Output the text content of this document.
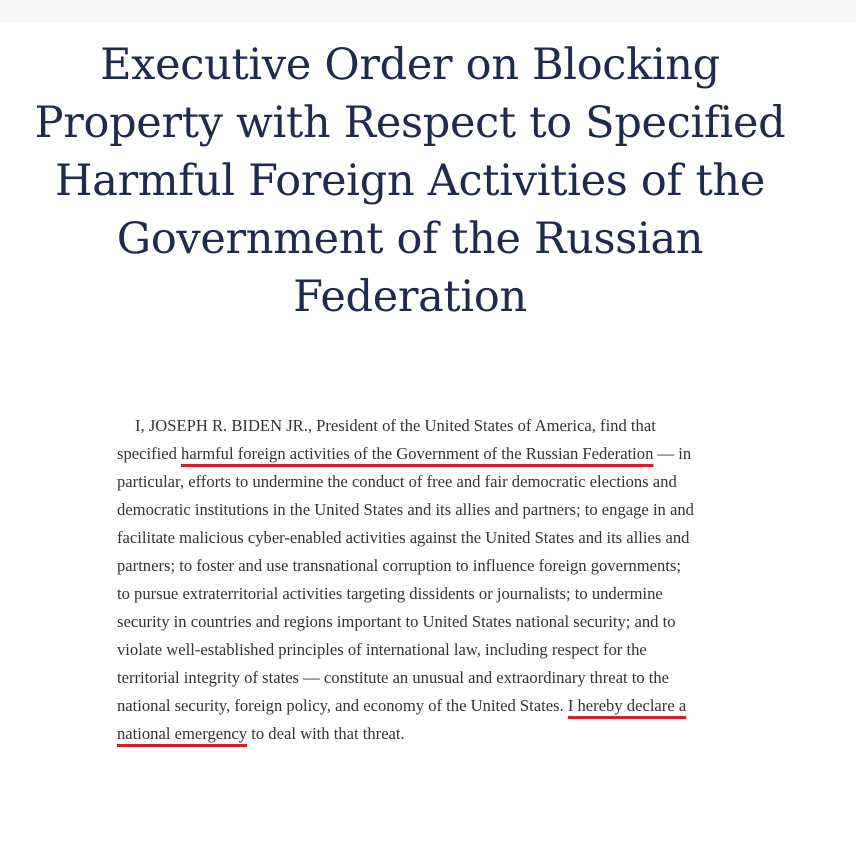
Executive Order on Blocking Property with Respect to Specified Harmful Foreign Activities of the Government of the Russian Federation

I, JOSEPH R. BIDEN JR., President of the United States of America, find that specified harmful foreign activities of the Government of the Russian Federation — in particular, efforts to undermine the conduct of free and fair democratic elections and democratic institutions in the United States and its allies and partners; to engage in and facilitate malicious cyber-enabled activities against the United States and its allies and partners; to foster and use transnational corruption to influence foreign governments; to pursue extraterritorial activities targeting dissidents or journalists; to undermine security in countries and regions important to United States national security; and to violate well-established principles of international law, including respect for the territorial integrity of states — constitute an unusual and extraordinary threat to the national security, foreign policy, and economy of the United States. I hereby declare a national emergency to deal with that threat.
